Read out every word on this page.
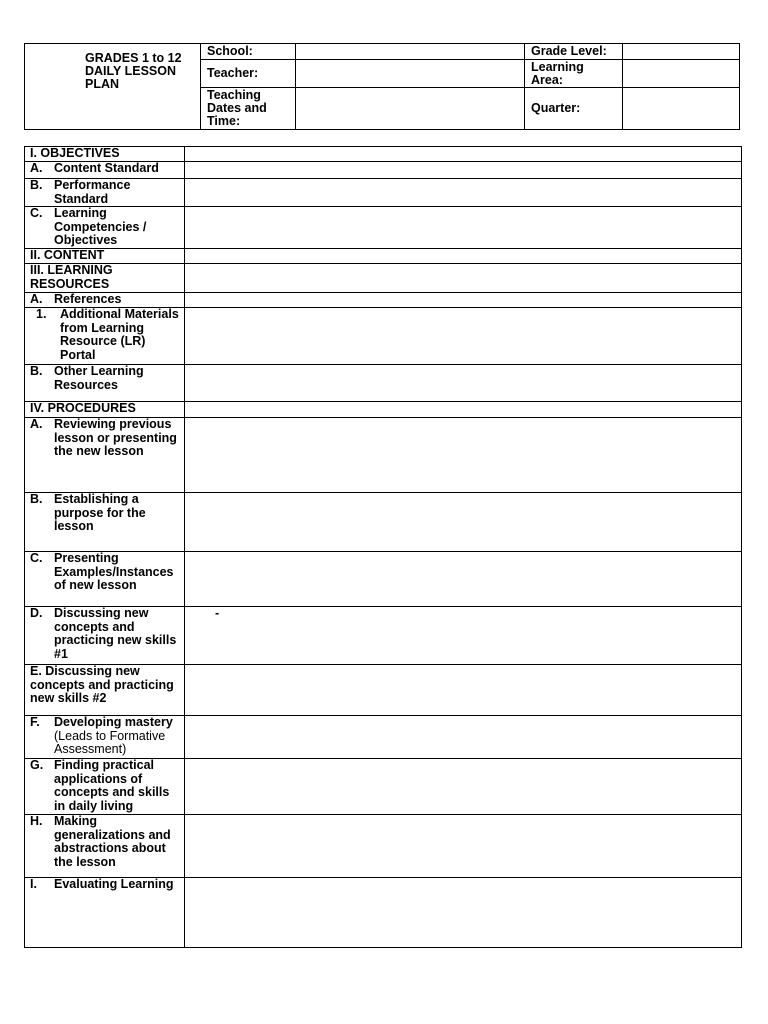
GRADES 1 to 12 DAILY LESSON PLAN	School:		Grade Level:	
	Teacher:		Learning Area:	
	Teaching Dates and Time:		Quarter:	
I. OBJECTIVES	

A. Content Standard	

B. Performance Standard	

C. Learning Competencies / Objectives	

II. CONTENT	
III. LEARNING RESOURCES	

A. References	

1. Additional Materials from Learning Resource (LR) Portal	

B. Other Learning Resources	

IV. PROCEDURES	

A. Reviewing previous lesson or presenting the new lesson	

B. Establishing a purpose for the lesson	

C. Presenting Examples/Instances of new lesson	

D. Discussing new concepts and practicing new skills #1	-

E. Discussing new concepts and practicing new skills #2	

F. Developing mastery
(Leads to Formative Assessment)	

G. Finding practical applications of concepts and skills in daily living	

H. Making generalizations and abstractions about the lesson	

I. Evaluating Learning	
